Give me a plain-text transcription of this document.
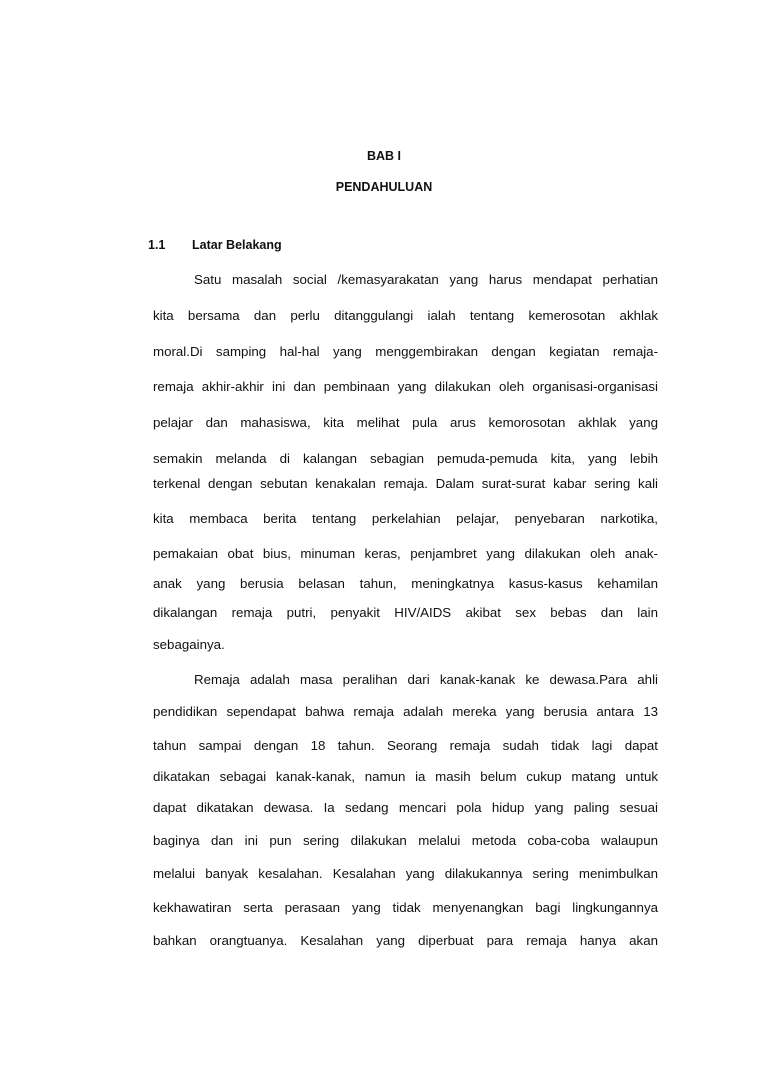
BAB I

PENDAHULUAN

1.1 Latar Belakang

Satu masalah social /kemasyarakatan yang harus mendapat perhatian

kita bersama dan perlu ditanggulangi ialah tentang kemerosotan akhlak

moral.Di samping hal-hal yang menggembirakan dengan kegiatan remaja-

remaja akhir-akhir ini dan pembinaan yang dilakukan oleh organisasi-organisasi

pelajar dan mahasiswa, kita melihat pula arus kemorosotan akhlak yang

semakin melanda di kalangan sebagian pemuda-pemuda kita, yang lebih

terkenal dengan sebutan kenakalan remaja. Dalam surat-surat kabar sering kali

kita membaca berita tentang perkelahian pelajar, penyebaran narkotika,

pemakaian obat bius, minuman keras, penjambret yang dilakukan oleh anak-

anak yang berusia belasan tahun, meningkatnya kasus-kasus kehamilan

dikalangan remaja putri, penyakit HIV/AIDS akibat sex bebas dan lain

sebagainya.

Remaja adalah masa peralihan dari kanak-kanak ke dewasa.Para ahli

pendidikan sependapat bahwa remaja adalah mereka yang berusia antara 13

tahun sampai dengan 18 tahun. Seorang remaja sudah tidak lagi dapat

dikatakan sebagai kanak-kanak, namun ia masih belum cukup matang untuk

dapat dikatakan dewasa. Ia sedang mencari pola hidup yang paling sesuai

baginya dan ini pun sering dilakukan melalui metoda coba-coba walaupun

melalui banyak kesalahan. Kesalahan yang dilakukannya sering menimbulkan

kekhawatiran serta perasaan yang tidak menyenangkan bagi lingkungannya

bahkan orangtuanya. Kesalahan yang diperbuat para remaja hanya akan
